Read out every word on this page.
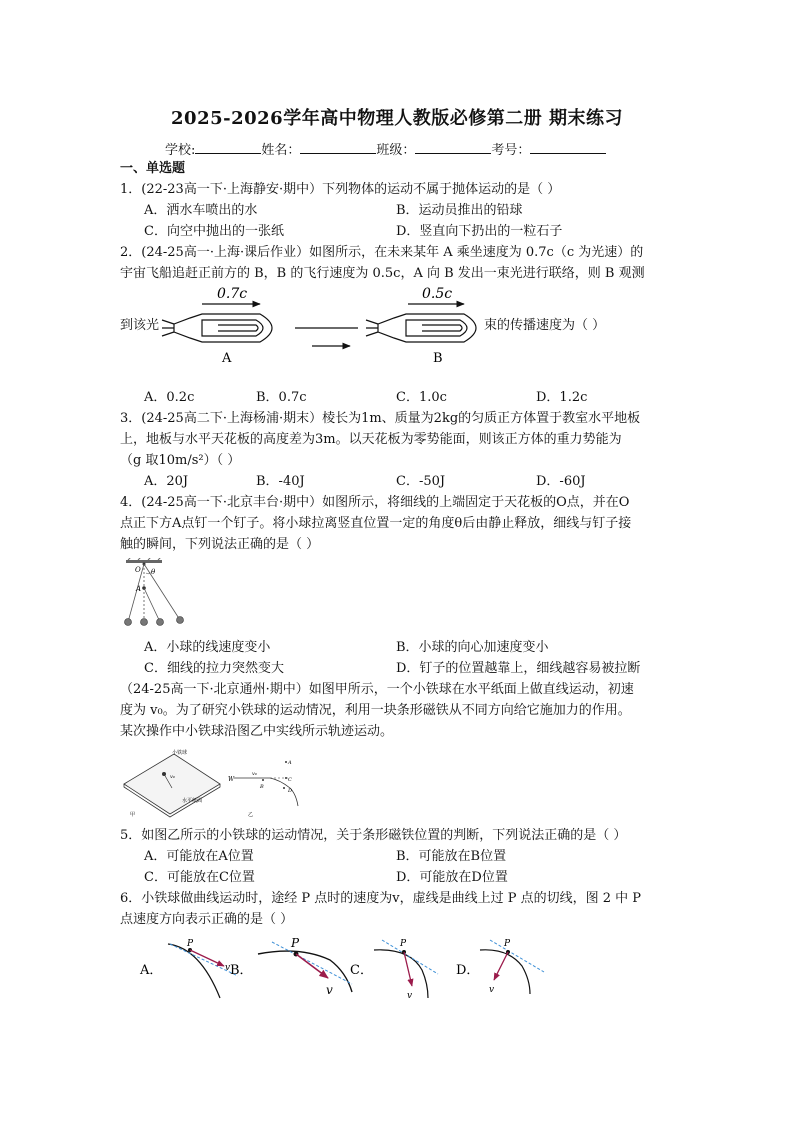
2025-2026学年高中物理人教版必修第二册 期末练习
学校:	姓名：	班级：	考号：
一、单选题
1．(22-23高一下·上海静安·期中）下列物体的运动不属于抛体运动的是（ ）
A．洒水车喷出的水	B．运动员推出的铅球
C．向空中抛出的一张纸	D．竖直向下扔出的一粒石子
2．(24-25高一·上海·课后作业）如图所示，在未来某年 A 乘坐速度为 0.7c（c 为光速）的
宇宙飞船追赶正前方的 B，B 的飞行速度为 0.5c，A 向 B 发出一束光进行联络，则 B 观测
到该光	束的传播速度为（ ）
0.7c	0.5c
A	B
A．0.2c	B．0.7c	C．1.0c	D．1.2c
3．(24-25高二下·上海杨浦·期末）棱长为1m、质量为2kg的匀质正方体置于教室水平地板
上，地板与水平天花板的高度差为3m。以天花板为零势能面，则该正方体的重力势能为
（g 取10m/s²）（ ）
A．20J	B．-40J	C．-50J	D．-60J
4．(24-25高一下·北京丰台·期中）如图所示，将细线的上端固定于天花板的O点，并在O
点正下方A点钉一个钉子。将小球拉离竖直位置一定的角度θ后由静止释放，细线与钉子接
触的瞬间，下列说法正确的是（ ）
O θ
A
A．小球的线速度变小	B．小球的向心加速度变小
C．细线的拉力突然变大	D．钉子的位置越靠上，细线越容易被拉断
（24-25高一下·北京通州·期中）如图甲所示，一个小铁球在水平纸面上做直线运动，初速
度为 v₀。为了研究小铁球的运动情况，利用一块条形磁铁从不同方向给它施加力的作用。
某次操作中小铁球沿图乙中实线所示轨迹运动。
小铁球
v₀
水平纸面
甲
W
v₀
A
B
C
D
乙
5．如图乙所示的小铁球的运动情况，关于条形磁铁位置的判断，下列说法正确的是（ ）
A．可能放在A位置	B．可能放在B位置
C．可能放在C位置	D．可能放在D位置
6．小铁球做曲线运动时，途经 P 点时的速度为v，虚线是曲线上过 P 点的切线，图 2 中 P
点速度方向表示正确的是（ ）
A．
P
v B．
P
v
C．
P
v
D．
P
v
